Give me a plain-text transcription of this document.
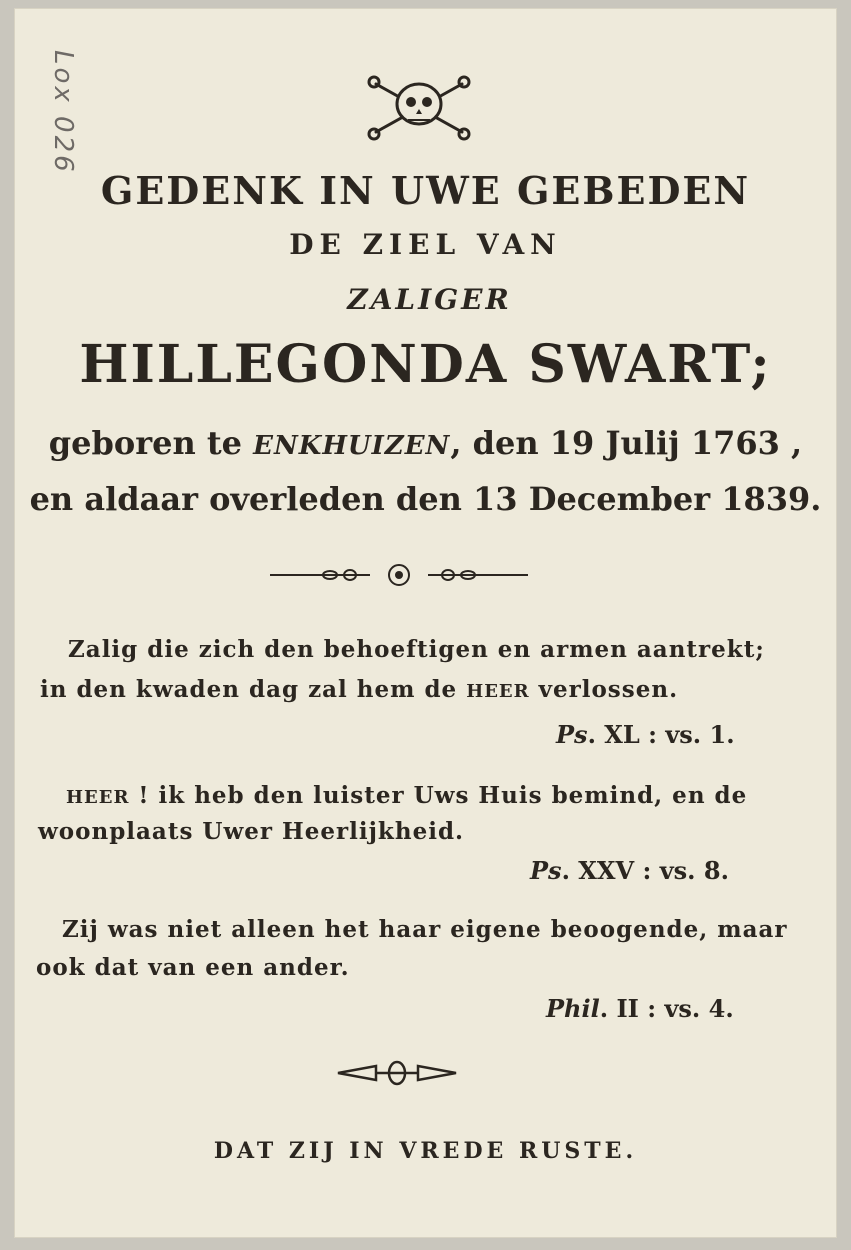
Lox 026
GEDENK IN UWE GEBEDEN
DE ZIEL VAN
ZALIGER
HILLEGONDA SWART;
geboren te ENKHUIZEN, den 19 Julij 1763 ,
en aldaar overleden den 13 December 1839.
Zalig die zich den behoeftigen en armen aantrekt;
in den kwaden dag zal hem de HEER verlossen.
Ps. XL : vs. 1.
HEER ! ik heb den luister Uws Huis bemind, en de
woonplaats Uwer Heerlijkheid.
Ps. XXV : vs. 8.
Zij was niet alleen het haar eigene beoogende, maar
ook dat van een ander.
Phil. II : vs. 4.
DAT ZIJ IN VREDE RUSTE.
